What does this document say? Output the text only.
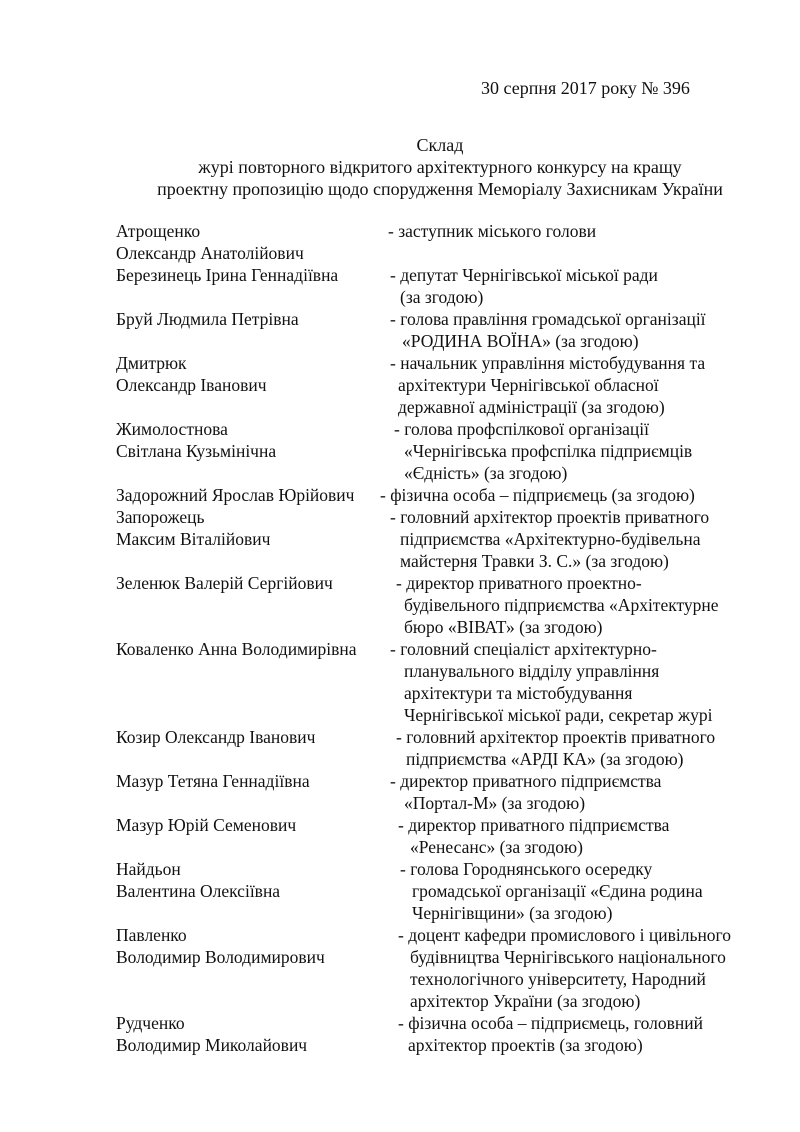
30 серпня 2017 року № 396
Склад
журі повторного відкритого архітектурного конкурсу на кращу
проектну пропозицію щодо спорудження Меморіалу Захисникам України
Атрощенко	- заступник міського голови
Олександр Анатолійович
Березинець Ірина Геннадіївна	- депутат Чернігівської міської ради
(за згодою)
Бруй Людмила Петрівна	- голова правління громадської організації
«РОДИНА ВОЇНА» (за згодою)
Дмитрюк	- начальник управління містобудування та
Олександр Іванович	архітектури Чернігівської обласної
державної адміністрації (за згодою)
Жимолостнова	- голова профспілкової організації
Світлана Кузьмінічна	«Чернігівська профспілка підприємців
«Єдність» (за згодою)
Задорожний Ярослав Юрійович - фізична особа – підприємець (за згодою)
Запорожець	- головний архітектор проектів приватного
Максим Віталійович	підприємства «Архітектурно-будівельна
майстерня Травки З. С.» (за згодою)
Зеленюк Валерій Сергійович	- директор приватного проектно-
будівельного підприємства «Архітектурне
бюро «ВІВАТ» (за згодою)
Коваленко Анна Володимирівна - головний спеціаліст архітектурно-
планувального відділу управління
архітектури та містобудування
Чернігівської міської ради, секретар журі
Козир Олександр Іванович	- головний архітектор проектів приватного
підприємства «АРДІ КА» (за згодою)
Мазур Тетяна Геннадіївна	- директор приватного підприємства
«Портал-М» (за згодою)
Мазур Юрій Семенович	- директор приватного підприємства
«Ренесанс» (за згодою)
Найдьон	- голова Городнянського осередку
Валентина Олексіївна	громадської організації «Єдина родина
Чернігівщини» (за згодою)
Павленко	- доцент кафедри промислового і цивільного
Володимир Володимирович	будівництва Чернігівського національного
технологічного університету, Народний
архітектор України (за згодою)
Рудченко	- фізична особа – підприємець, головний
Володимир Миколайович	архітектор проектів (за згодою)
